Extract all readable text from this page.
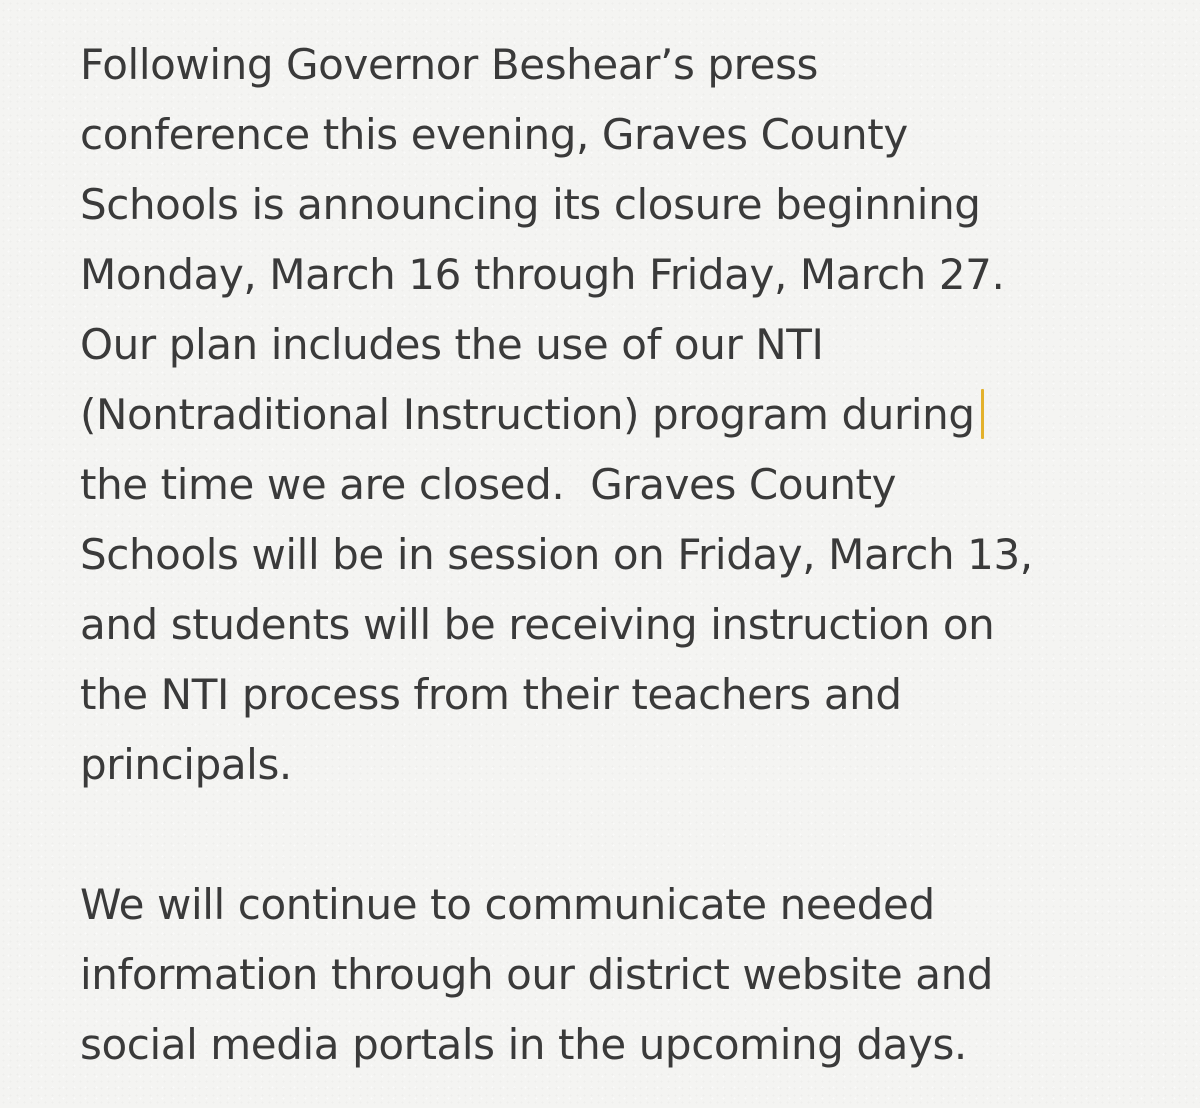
Following Governor Beshear’s press
conference this evening, Graves County
Schools is announcing its closure beginning
Monday, March 16 through Friday, March 27.
Our plan includes the use of our NTI
(Nontraditional Instruction) program during
the time we are closed.  Graves County
Schools will be in session on Friday, March 13,
and students will be receiving instruction on
the NTI process from their teachers and
principals.
We will continue to communicate needed
information through our district website and
social media portals in the upcoming days.
